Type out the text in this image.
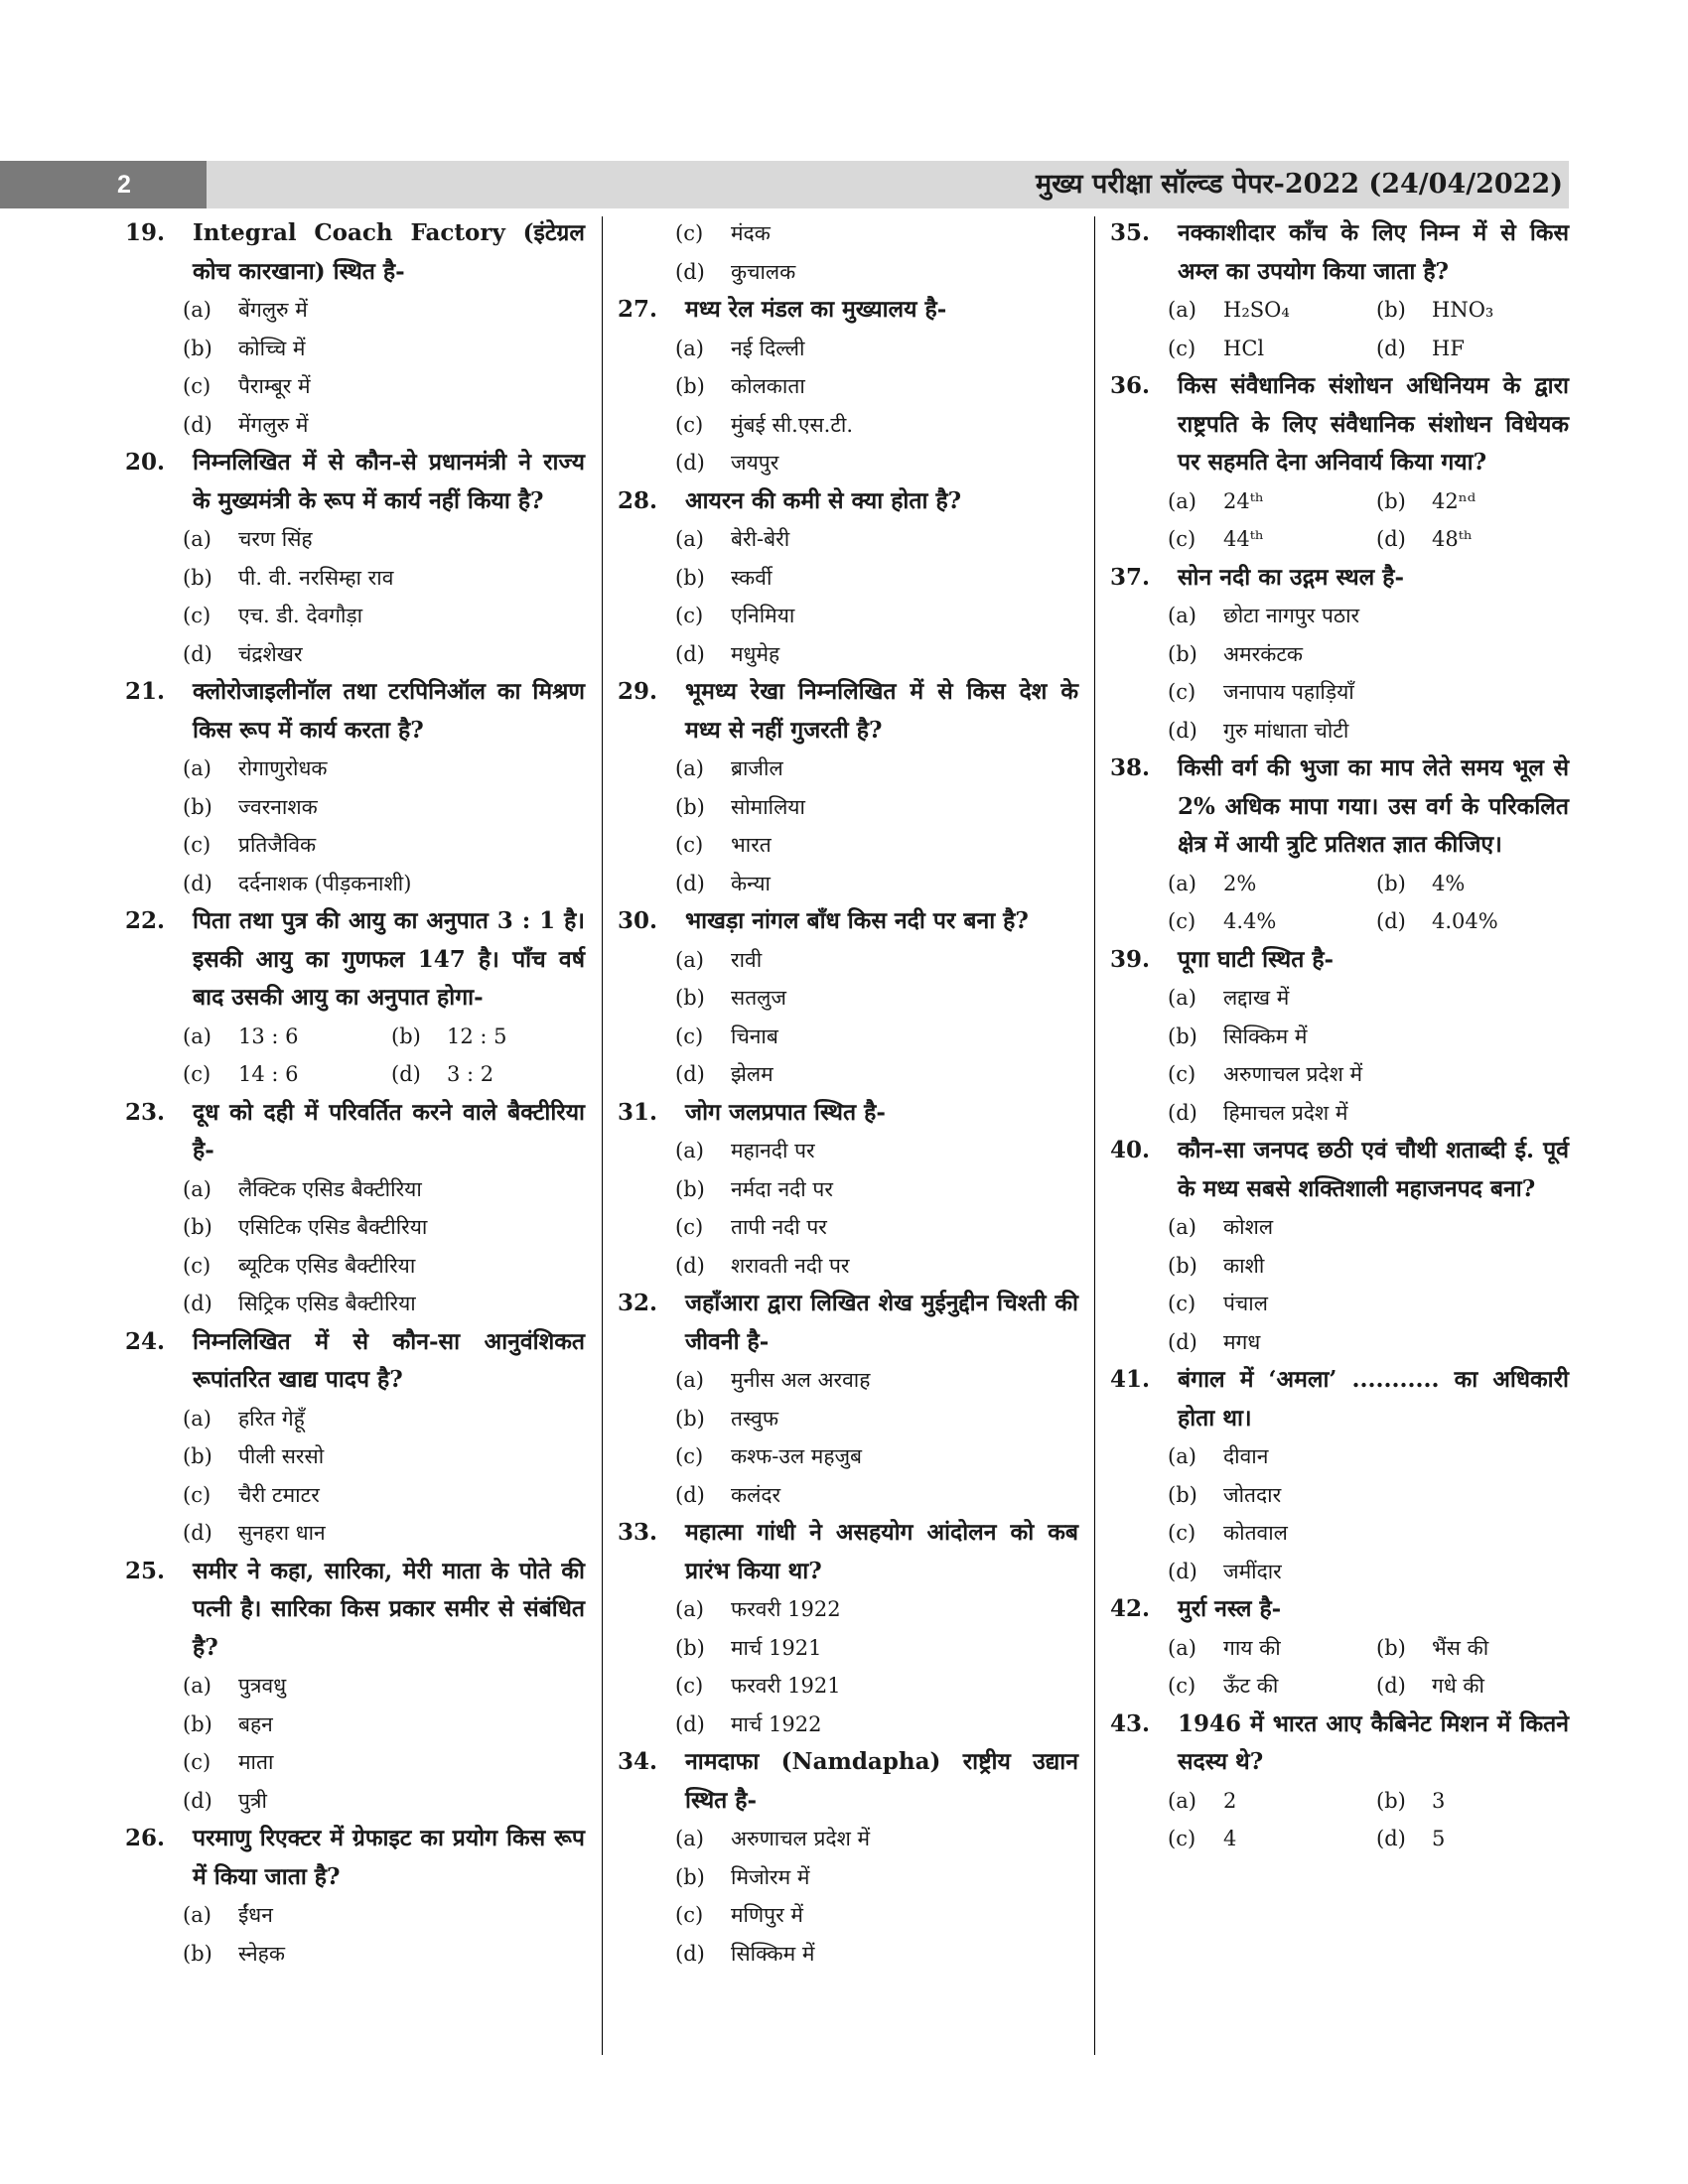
2	मुख्य परीक्षा सॉल्व्ड पेपर-2022 (24/04/2022)
19.	Integral Coach Factory (इंटेग्रल कोच कारखाना) स्थित है-
(a)	बेंगलुरु में
(b)	कोच्चि में
(c)	पैराम्बूर में
(d)	मेंगलुरु में
20.	निम्नलिखित में से कौन-से प्रधानमंत्री ने राज्य के मुख्यमंत्री के रूप में कार्य नहीं किया है?
(a)	चरण सिंह
(b)	पी. वी. नरसिम्हा राव
(c)	एच. डी. देवगौड़ा
(d)	चंद्रशेखर
21.	क्लोरोजाइलीनॉल तथा टरपिनिऑल का मिश्रण किस रूप में कार्य करता है?
(a)	रोगाणुरोधक
(b)	ज्वरनाशक
(c)	प्रतिजैविक
(d)	दर्दनाशक (पीड़कनाशी)
22.	पिता तथा पुत्र की आयु का अनुपात 3 : 1 है। इसकी आयु का गुणफल 147 है। पाँच वर्ष बाद उसकी आयु का अनुपात होगा-
(a)	13 : 6	(b)	12 : 5
(c)	14 : 6	(d)	3 : 2
23.	दूध को दही में परिवर्तित करने वाले बैक्टीरिया है-
(a)	लैक्टिक एसिड बैक्टीरिया
(b)	एसिटिक एसिड बैक्टीरिया
(c)	ब्यूटिक एसिड बैक्टीरिया
(d)	सिट्रिक एसिड बैक्टीरिया
24.	निम्नलिखित में से कौन-सा आनुवंशिकत रूपांतरित खाद्य पादप है?
(a)	हरित गेहूँ
(b)	पीली सरसो
(c)	चैरी टमाटर
(d)	सुनहरा धान
25.	समीर ने कहा, सारिका, मेरी माता के पोते की पत्नी है। सारिका किस प्रकार समीर से संबंधित है?
(a)	पुत्रवधु
(b)	बहन
(c)	माता
(d)	पुत्री
26.	परमाणु रिएक्टर में ग्रेफाइट का प्रयोग किस रूप में किया जाता है?
(a)	ईंधन
(b)	स्नेहक
(c)	मंदक
(d)	कुचालक
27.	मध्य रेल मंडल का मुख्यालय है-
(a)	नई दिल्ली
(b)	कोलकाता
(c)	मुंबई सी.एस.टी.
(d)	जयपुर
28.	आयरन की कमी से क्या होता है?
(a)	बेरी-बेरी
(b)	स्कर्वी
(c)	एनिमिया
(d)	मधुमेह
29.	भूमध्य रेखा निम्नलिखित में से किस देश के मध्य से नहीं गुजरती है?
(a)	ब्राजील
(b)	सोमालिया
(c)	भारत
(d)	केन्या
30.	भाखड़ा नांगल बाँध किस नदी पर बना है?
(a)	रावी
(b)	सतलुज
(c)	चिनाब
(d)	झेलम
31.	जोग जलप्रपात स्थित है-
(a)	महानदी पर
(b)	नर्मदा नदी पर
(c)	तापी नदी पर
(d)	शरावती नदी पर
32.	जहाँआरा द्वारा लिखित शेख मुईनुद्दीन चिश्ती की जीवनी है-
(a)	मुनीस अल अरवाह
(b)	तस्वुफ
(c)	कश्फ-उल महजुब
(d)	कलंदर
33.	महात्मा गांधी ने असहयोग आंदोलन को कब प्रारंभ किया था?
(a)	फरवरी 1922
(b)	मार्च 1921
(c)	फरवरी 1921
(d)	मार्च 1922
34.	नामदाफा (Namdapha) राष्ट्रीय उद्यान स्थित है-
(a)	अरुणाचल प्रदेश में
(b)	मिजोरम में
(c)	मणिपुर में
(d)	सिक्किम में
35.	नक्काशीदार काँच के लिए निम्न में से किस अम्ल का उपयोग किया जाता है?
(a)	H₂SO₄	(b)	HNO₃
(c)	HCl	(d)	HF
36.	किस संवैधानिक संशोधन अधिनियम के द्वारा राष्ट्रपति के लिए संवैधानिक संशोधन विधेयक पर सहमति देना अनिवार्य किया गया?
(a)	24ᵗʰ	(b)	42ⁿᵈ
(c)	44ᵗʰ	(d)	48ᵗʰ
37.	सोन नदी का उद्गम स्थल है-
(a)	छोटा नागपुर पठार
(b)	अमरकंटक
(c)	जनापाय पहाड़ियाँ
(d)	गुरु मांधाता चोटी
38.	किसी वर्ग की भुजा का माप लेते समय भूल से 2% अधिक मापा गया। उस वर्ग के परिकलित क्षेत्र में आयी त्रुटि प्रतिशत ज्ञात कीजिए।
(a)	2%	(b)	4%
(c)	4.4%	(d)	4.04%
39.	पूगा घाटी स्थित है-
(a)	लद्दाख में
(b)	सिक्किम में
(c)	अरुणाचल प्रदेश में
(d)	हिमाचल प्रदेश में
40.	कौन-सा जनपद छठी एवं चौथी शताब्दी ई. पूर्व के मध्य सबसे शक्तिशाली महाजनपद बना?
(a)	कोशल
(b)	काशी
(c)	पंचाल
(d)	मगध
41.	बंगाल में ‘अमला’ ........... का अधिकारी होता था।
(a)	दीवान
(b)	जोतदार
(c)	कोतवाल
(d)	जमींदार
42.	मुर्रा नस्ल है-
(a)	गाय की	(b)	भैंस की
(c)	ऊँट की	(d)	गधे की
43.	1946 में भारत आए कैबिनेट मिशन में कितने सदस्य थे?
(a)	2	(b)	3
(c)	4	(d)	5
